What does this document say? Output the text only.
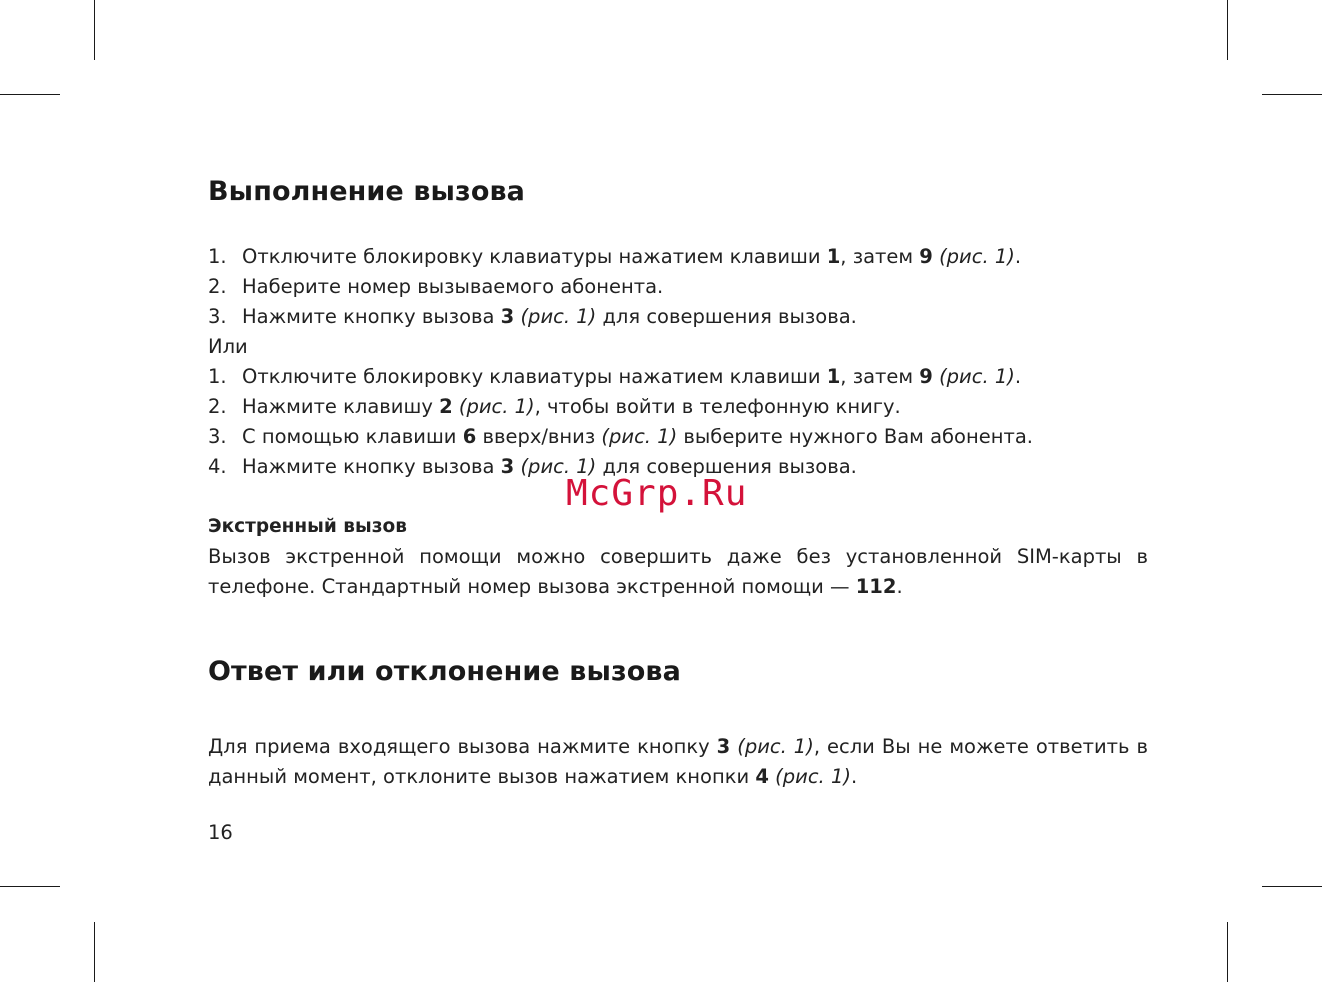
Выполнение вызова
1. Отключите блокировку клавиатуры нажатием клавиши 1, затем 9 (рис. 1).
2. Наберите номер вызываемого абонента.
3. Нажмите кнопку вызова 3 (рис. 1) для совершения вызова.
Или
1. Отключите блокировку клавиатуры нажатием клавиши 1, затем 9 (рис. 1).
2. Нажмите клавишу 2 (рис. 1), чтобы войти в телефонную книгу.
3. С помощью клавиши 6 вверх/вниз (рис. 1) выберите нужного Вам абонента.
4. Нажмите кнопку вызова 3 (рис. 1) для совершения вызова.
Экстренный вызов
Вызов экстренной помощи можно совершить даже без установленной SIM-карты в телефоне. Стандартный номер вызова экстренной помощи — 112.
Ответ или отклонение вызова
Для приема входящего вызова нажмите кнопку 3 (рис. 1), если Вы не можете ответить в данный момент, отклоните вызов нажатием кнопки 4 (рис. 1).
McGrp.Ru
16
